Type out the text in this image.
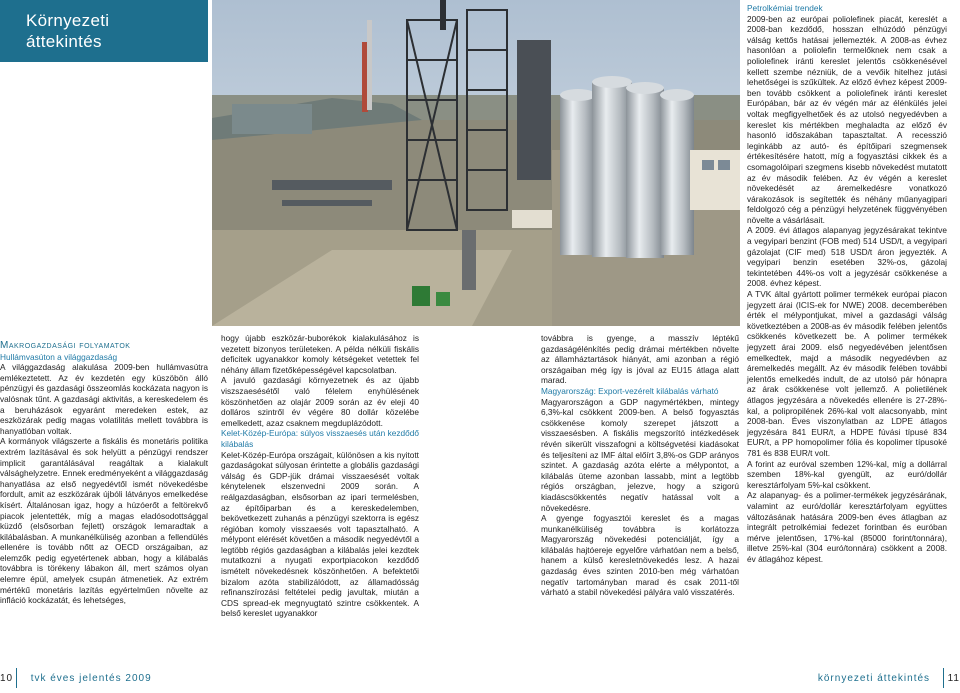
Környezeti
áttekintés

Makrogazdasági folyamatok

Hullámvasúton a világgazdaság

A világgazdaság alakulása 2009-ben hullámvasútra emlékeztetett. Az év kezdetén egy küszöbön álló pénzügyi és gazdasági összeomlás kockázata nagyon is valósnak tűnt. A gazdasági aktivitás, a kereskedelem és a beruházások egyaránt meredeken estek, az eszközárak pedig magas volatilitás mellett továbbra is hanyatlóban voltak.

A kormányok világszerte a fiskális és monetáris politika extrém lazításával és sok helyütt a pénzügyi rendszer implicit garantálásával reagáltak a kialakult válsághelyzetre. Ennek eredményeként a világgazdaság hanyatlása az első negyedévtől ismét növekedésbe fordult, amit az eszközárak újbóli látványos emelkedése kísért. Általánosan igaz, hogy a húzóerőt a feltörekvő piacok jelentették, míg a magas eladósodottsággal küzdő (elsősorban fejlett) országok lemaradtak a kilábalásban. A munkanélküliség azonban a fellendülés ellenére is tovább nőtt az OECD országaiban, az elemzők pedig egyetértenek abban, hogy a kilábalás továbbra is törékeny lábakon áll, mert számos olyan elemre épül, amelyek csupán átmenetiek. Az extrém mértékű monetáris lazítás egyértelműen növelte az infláció kockázatát, és lehetséges,

hogy újabb eszközár-buborékok kialakulásához is vezetett bizonyos területeken. A példa nélküli fiskális deficitek ugyanakkor komoly kétségeket vetettek fel néhány állam fizetőképességével kapcsolatban.

A javuló gazdasági környezetnek és az újabb viszszaesésétől való félelem enyhülésének köszönhetően az olajár 2009 során az év eleji 40 dolláros szintről év végére 80 dollár közelébe emelkedett, azaz csaknem megduplázódott.

Kelet-Közép-Európa: súlyos visszaesés után kezdődő kilábalás

Kelet-Közép-Európa országait, különösen a kis nyitott gazdaságokat súlyosan érintette a globális gazdasági válság és GDP-jük drámai visszaesését voltak kénytelenek elszenvedni 2009 során. A reálgazdaságban, elsősorban az ipari termelésben, az építőiparban és a kereskedelemben, bekövetkezett zuhanás a pénzügyi szektorra is egész régióban komoly visszaesés volt tapasztalható. A mélypont elérését követően a második negyedévtől a legtöbb régiós gazdaságban a kilábalás jelei kezdtek mutatkozni a nyugati exportpiacokon kezdődő ismételt növekedésnek köszönhetően. A befektetői bizalom azóta stabilizálódott, az államadósság refinanszírozási feltételei pedig javultak, miután a CDS spread-ek megnyugtató szintre csökkentek. A belső kereslet ugyanakkor

továbbra is gyenge, a masszív léptékű gazdaságélénkítés pedig drámai mértékben növelte az államháztartások hiányát, ami azonban a régió országaiban még így is jóval az EU15 átlaga alatt marad.

Magyarország: Export-vezérelt kilábalás várható

Magyarországon a GDP nagymértékben, mintegy 6,3%-kal csökkent 2009-ben. A belső fogyasztás csökkenése komoly szerepet játszott a visszaesésben. A fiskális megszorító intézkedések révén sikerült visszafogni a költségvetési kiadásokat és teljesíteni az IMF által előírt 3,8%-os GDP arányos szintet. A gazdaság azóta elérte a mélypontot, a kilábalás üteme azonban lassabb, mint a legtöbb régiós országban, jelezve, hogy a szigorú kiadáscsökkentés negatív hatással volt a növekedésre.

A gyenge fogyasztói kereslet és a magas munkanélküliség továbbra is korlátozza Magyarország növekedési potenciálját, így a kilábalás hajtóereje egyelőre várhatóan nem a belső, hanem a külső keresletnövekedés lesz. A hazai gazdaság éves szinten 2010-ben még várhatóan negatív tartományban marad és csak 2011-től várható a stabil növekedési pályára való visszatérés.

Petrolkémiai trendek

2009-ben az európai poliolefinek piacát, kereslét a 2008-ban kezdődő, hosszan elhúzódó pénzügyi válság kettős hatásai jellemezték. A 2008-as évhez hasonlóan a poliolefin termelőknek nem csak a poliolefinek iránti kereslet jelentős csökkenésével kellett szembe nézniük, de a vevőik hitelhez jutási lehetőségei is szűkültek. Az előző évhez képest 2009-ben tovább csökkent a poliolefinek iránti kereslet Európában, bár az év végén már az élénkülés jelei voltak megfigyelhetőek és az utolsó negyedévben a kereslet kis mértékben meghaladta az előző év hasonló időszakában tapasztaltat. A recesszió leginkább az autó- és építőipari szegmensek értékesítésére hatott, míg a fogyasztási cikkek és a csomagolóipari szegmens kisebb növekedést mutatott az év második felében. Az év végén a kereslet növekedését az áremelkedésre vonatkozó várakozások is segítették és néhány műanyagipari feldolgozó cég a pénzügyi helyzetének függvényében növelte a vásárlásait.

A 2009. évi átlagos alapanyag jegyzésárakat tekintve a vegyipari benzint (FOB med) 514 USD/t, a vegyipari gázolajat (CIF med) 518 USD/t áron jegyezték. A vegyipari benzin esetében 32%-os, gázolaj tekintetében 44%-os volt a jegyzésár csökkenése a 2008. évhez képest.

A TVK által gyártott polimer termékek európai piacon jegyzett árai (ICIS-ek for NWE) 2008. decemberében érték el mélypontjukat, mivel a gazdasági válság következtében a 2008-as év második felében jelentős csökkenés következett be. A polimer termékek jegyzett árai 2009. első negyedévében jelentősen emelkedtek, majd a második negyedévben az áremelkedés megállt. Az év második felében további jelentős emelkedés indult, de az utolsó pár hónapra az árak csökkenése volt jellemző. A polietilének átlagos jegyzésára a növekedés ellenére is 27-28%-kal, a polipropilének 26%-kal volt alacsonyabb, mint 2008-ban. Éves viszonylatban az LDPE átlagos jegyzésára 841 EUR/t, a HDPE fúvási típusé 834 EUR/t, a PP homopolimer fólia és kopolimer típusoké 781 és 838 EUR/t volt.

A forint az euróval szemben 12%-kal, míg a dollárral szemben 18%-kal gyengült, az euró/dollár keresztárfolyam 5%-kal csökkent.

Az alapanyag- és a polimer-termékek jegyzésárának, valamint az euró/dollár keresztárfolyam együttes változásának hatására 2009-ben éves átlagban az integrált petrolkémiai fedezet forintban és euróban mérve jelentősen, 17%-kal (85000 forint/tonnára), illetve 25%-kal (304 euró/tonnára) csökkent a 2008. év átlagához képest.

10 tvk éves jelentés 2009	környezeti áttekintés 11
